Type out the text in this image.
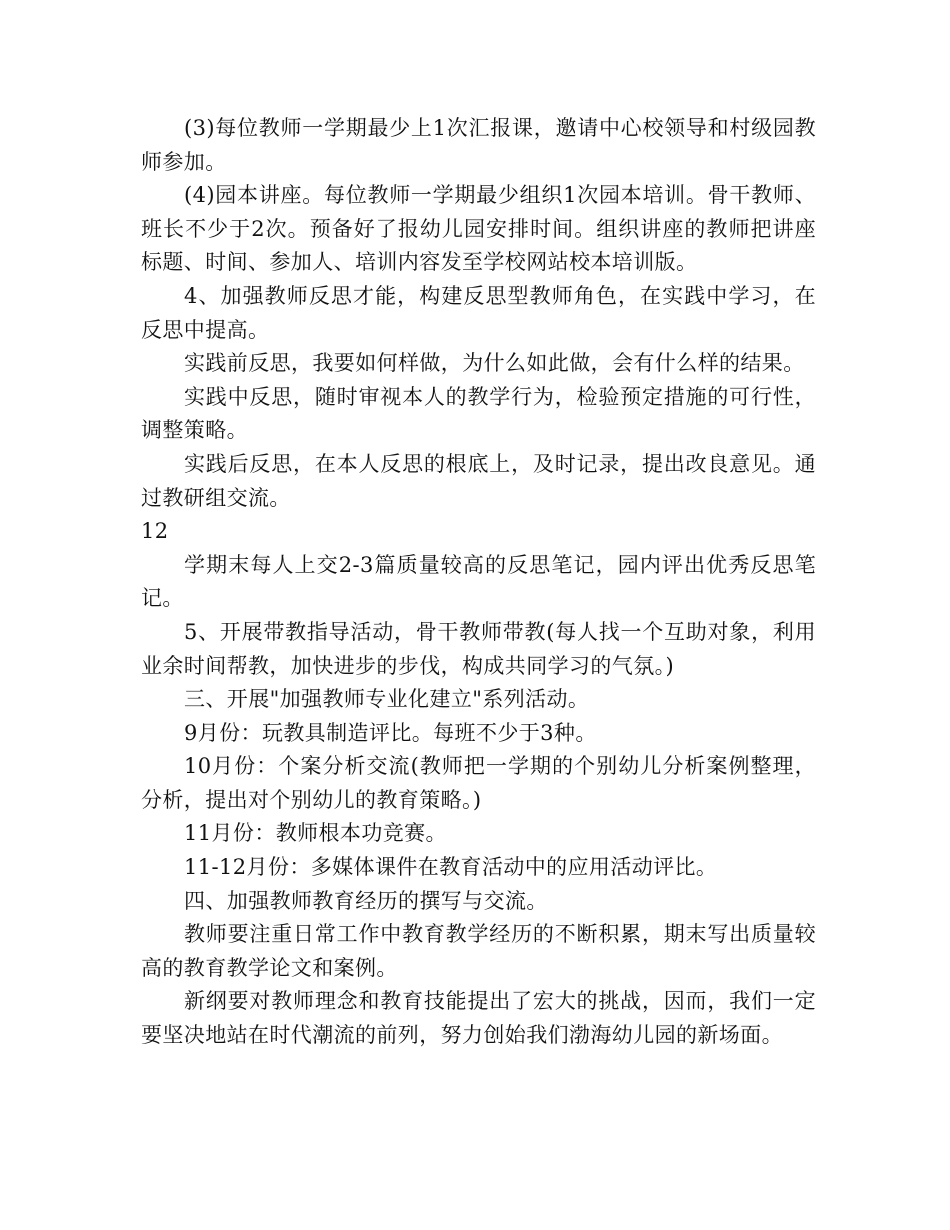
(3)每位教师一学期最少上1次汇报课，邀请中心校领导和村级园教师参加。

(4)园本讲座。每位教师一学期最少组织1次园本培训。骨干教师、班长不少于2次。预备好了报幼儿园安排时间。组织讲座的教师把讲座标题、时间、参加人、培训内容发至学校网站校本培训版。

4、加强教师反思才能，构建反思型教师角色，在实践中学习，在反思中提高。

实践前反思，我要如何样做，为什么如此做，会有什么样的结果。

实践中反思，随时审视本人的教学行为，检验预定措施的可行性，调整策略。

实践后反思，在本人反思的根底上，及时记录，提出改良意见。通过教研组交流。

12

学期末每人上交2-3篇质量较高的反思笔记，园内评出优秀反思笔记。

5、开展带教指导活动，骨干教师带教(每人找一个互助对象，利用业余时间帮教，加快进步的步伐，构成共同学习的气氛。)

三、开展"加强教师专业化建立"系列活动。

9月份：玩教具制造评比。每班不少于3种。

10月份：个案分析交流(教师把一学期的个别幼儿分析案例整理，分析，提出对个别幼儿的教育策略。)

11月份：教师根本功竞赛。

11-12月份：多媒体课件在教育活动中的应用活动评比。

四、加强教师教育经历的撰写与交流。

教师要注重日常工作中教育教学经历的不断积累，期末写出质量较高的教育教学论文和案例。

新纲要对教师理念和教育技能提出了宏大的挑战，因而，我们一定要坚决地站在时代潮流的前列，努力创始我们渤海幼儿园的新场面。
